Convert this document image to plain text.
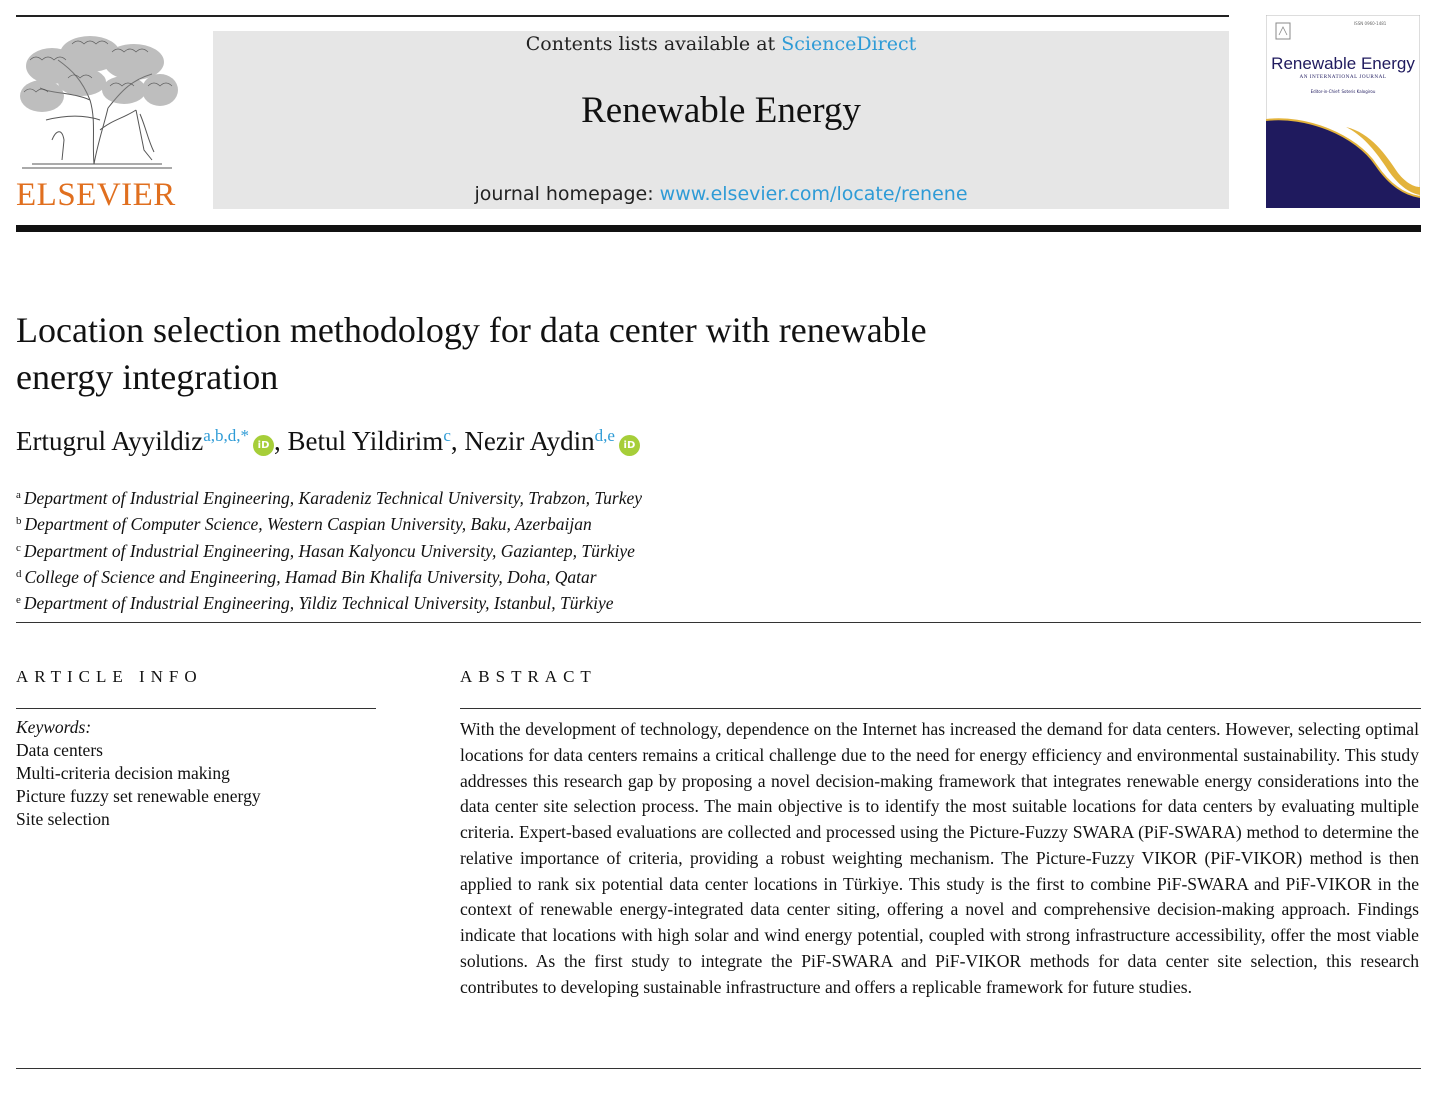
ELSEVIER
Contents lists available at ScienceDirect
Renewable Energy
journal homepage: www.elsevier.com/locate/renene
ISSN 0960-1481
Renewable Energy
AN INTERNATIONAL JOURNAL
Editor-in-Chief: Soteris Kalogirou
Location selection methodology for data center with renewable
energy integration
Ertugrul Ayyildiz$^{a,b,d,*}$iD , Betul Yildirim$^c$, Nezir Aydin$^{d,e}$iD
$^a$ Department of Industrial Engineering, Karadeniz Technical University, Trabzon, Turkey
$^b$ Department of Computer Science, Western Caspian University, Baku, Azerbaijan
$^c$ Department of Industrial Engineering, Hasan Kalyoncu University, Gaziantep, Türkiye
$^d$ College of Science and Engineering, Hamad Bin Khalifa University, Doha, Qatar
$^e$ Department of Industrial Engineering, Yildiz Technical University, Istanbul, Türkiye
ARTICLE INFO
Keywords:
Data centers
Multi-criteria decision making
Picture fuzzy set renewable energy
Site selection
ABSTRACT

With the development of technology, dependence on the Internet has increased the demand for data centers. However, selecting optimal locations for data centers remains a critical challenge due to the need for energy efficiency and environmental sustainability. This study addresses this research gap by proposing a novel decision-making framework that integrates renewable energy considerations into the data center site selection process. The main objective is to identify the most suitable locations for data centers by evaluating multiple criteria. Expert-based evaluations are collected and processed using the Picture-Fuzzy SWARA (PiF-SWARA) method to determine the relative importance of criteria, providing a robust weighting mechanism. The Picture-Fuzzy VIKOR (PiF-VIKOR) method is then applied to rank six potential data center locations in Türkiye. This study is the first to combine PiF-SWARA and PiF-VIKOR in the context of renewable energy-integrated data center siting, offering a novel and comprehensive decision-making approach. Findings indicate that locations with high solar and wind energy potential, coupled with strong infrastructure accessibility, offer the most viable solutions. As the first study to integrate the PiF-SWARA and PiF-VIKOR methods for data center site selection, this research contributes to developing sustainable infrastructure and offers a replicable framework for future studies.
